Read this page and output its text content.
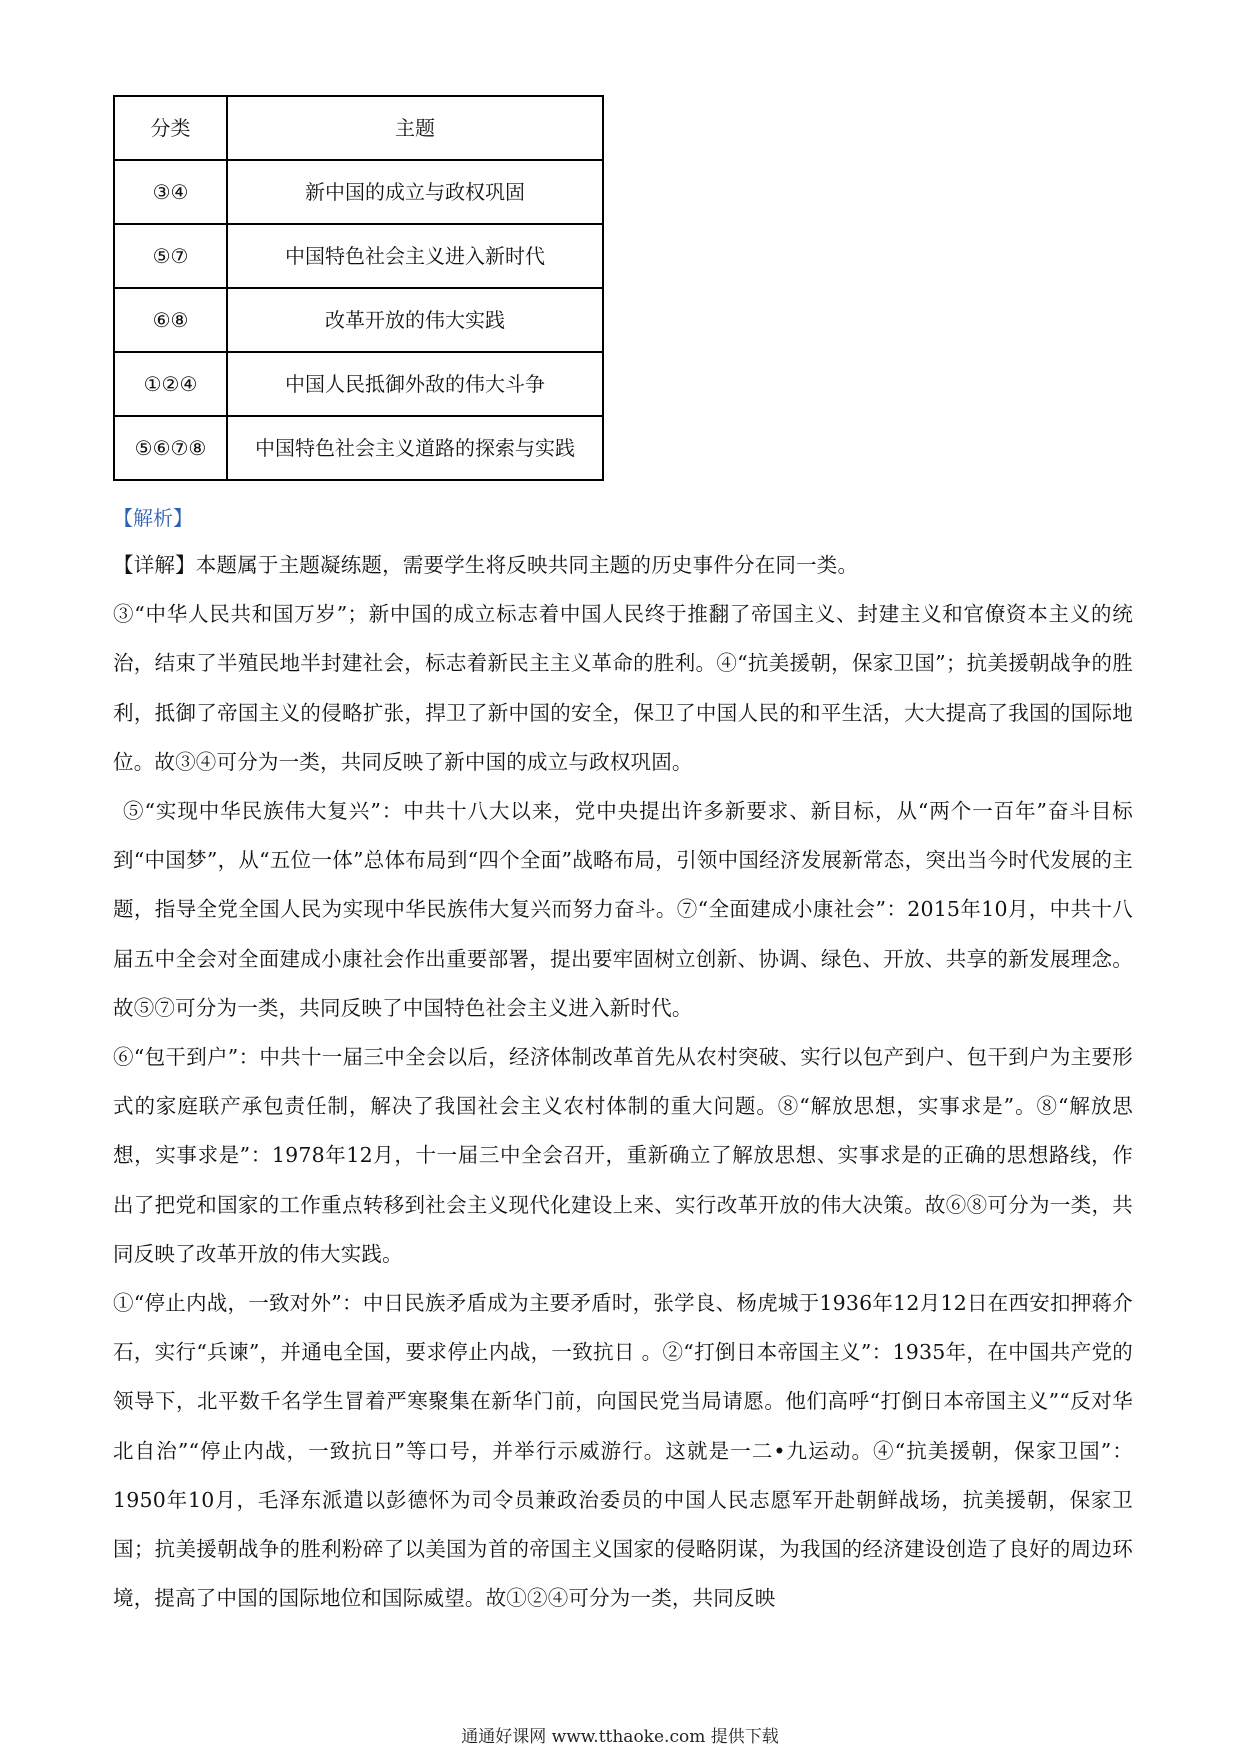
分类	主题
③④	新中国的成立与政权巩固
⑤⑦	中国特色社会主义进入新时代
⑥⑧	改革开放的伟大实践
①②④	中国人民抵御外敌的伟大斗争
⑤⑥⑦⑧	中国特色社会主义道路的探索与实践
【解析】

【详解】本题属于主题凝练题，需要学生将反映共同主题的历史事件分在同一类。

③“中华人民共和国万岁”；新中国的成立标志着中国人民终于推翻了帝国主义、封建主义和官僚资本主义的统治，结束了半殖民地半封建社会，标志着新民主主义革命的胜利。④“抗美援朝，保家卫国”；抗美援朝战争的胜利，抵御了帝国主义的侵略扩张，捍卫了新中国的安全，保卫了中国人民的和平生活，大大提高了我国的国际地位。故③④可分为一类，共同反映了新中国的成立与政权巩固。

⑤“实现中华民族伟大复兴”：中共十八大以来，党中央提出许多新要求、新目标，从“两个一百年”奋斗目标到“中国梦”，从“五位一体”总体布局到“四个全面”战略布局，引领中国经济发展新常态，突出当今时代发展的主题，指导全党全国人民为实现中华民族伟大复兴而努力奋斗。⑦“全面建成小康社会”：2015年10月，中共十八届五中全会对全面建成小康社会作出重要部署，提出要牢固树立创新、协调、绿色、开放、共享的新发展理念。故⑤⑦可分为一类，共同反映了中国特色社会主义进入新时代。

⑥“包干到户”：中共十一届三中全会以后，经济体制改革首先从农村突破、实行以包产到户、包干到户为主要形式的家庭联产承包责任制，解决了我国社会主义农村体制的重大问题。⑧“解放思想，实事求是”。⑧“解放思想，实事求是”：1978年12月，十一届三中全会召开，重新确立了解放思想、实事求是的正确的思想路线，作出了把党和国家的工作重点转移到社会主义现代化建设上来、实行改革开放的伟大决策。故⑥⑧可分为一类，共同反映了改革开放的伟大实践。

①“停止内战，一致对外”：中日民族矛盾成为主要矛盾时，张学良、杨虎城于1936年12月12日在西安扣押蒋介石，实行“兵谏”，并通电全国，要求停止内战，一致抗日 。②“打倒日本帝国主义”：1935年，在中国共产党的领导下，北平数千名学生冒着严寒聚集在新华门前，向国民党当局请愿。他们高呼“打倒日本帝国主义”“反对华北自治”“停止内战，一致抗日”等口号，并举行示威游行。这就是一二•九运动。④“抗美援朝，保家卫国”：1950年10月，毛泽东派遣以彭德怀为司令员兼政治委员的中国人民志愿军开赴朝鲜战场，抗美援朝，保家卫国；抗美援朝战争的胜利粉碎了以美国为首的帝国主义国家的侵略阴谋，为我国的经济建设创造了良好的周边环境，提高了中国的国际地位和国际威望。故①②④可分为一类，共同反映

通通好课网 www.tthaoke.com 提供下载
